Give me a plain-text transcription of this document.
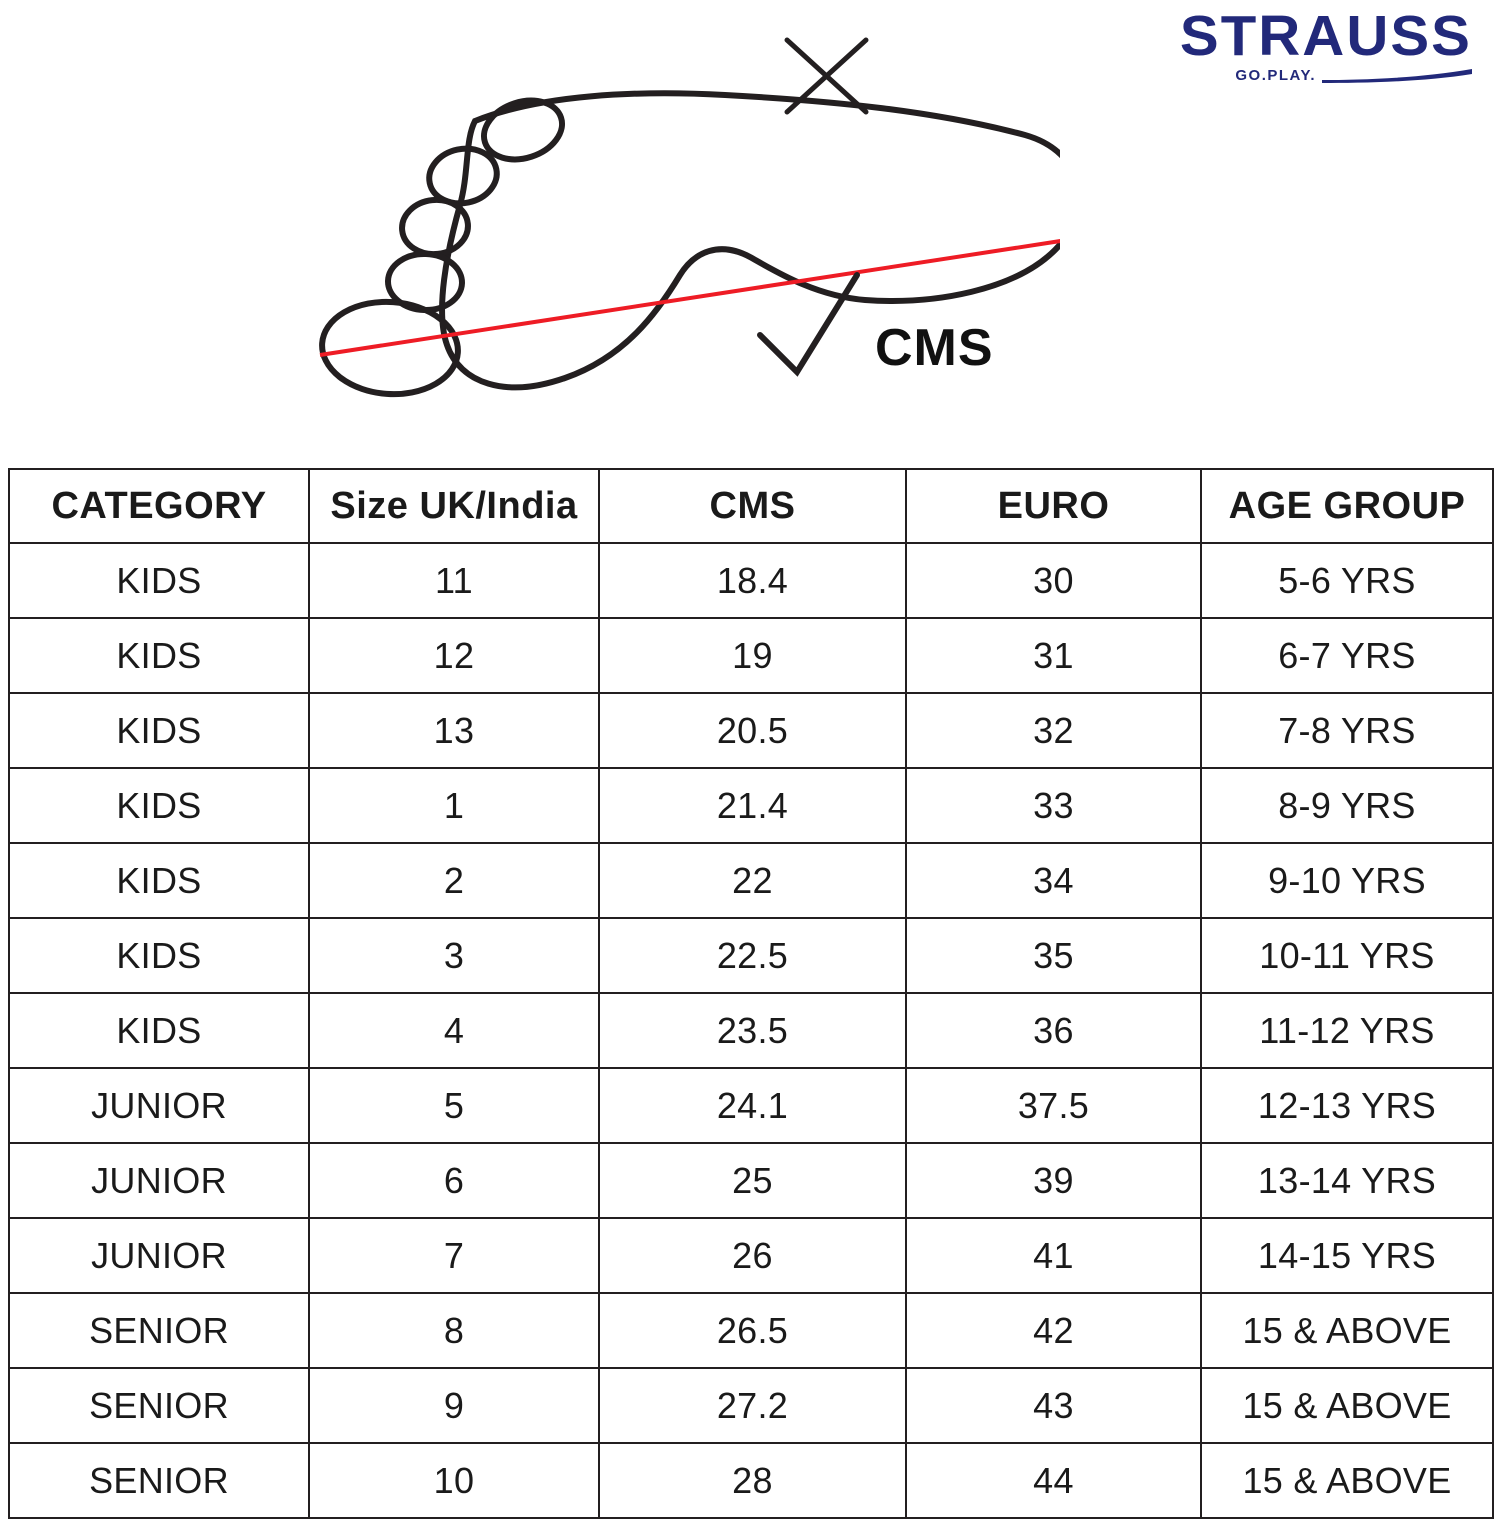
STRAUSS
GO.PLAY.
CMS
CATEGORY	Size UK/India	CMS	EURO	AGE GROUP
KIDS	11	18.4	30	5-6 YRS
KIDS	12	19	31	6-7 YRS
KIDS	13	20.5	32	7-8 YRS
KIDS	1	21.4	33	8-9 YRS
KIDS	2	22	34	9-10 YRS
KIDS	3	22.5	35	10-11 YRS
KIDS	4	23.5	36	11-12 YRS
JUNIOR	5	24.1	37.5	12-13 YRS
JUNIOR	6	25	39	13-14 YRS
JUNIOR	7	26	41	14-15 YRS
SENIOR	8	26.5	42	15 & ABOVE
SENIOR	9	27.2	43	15 & ABOVE
SENIOR	10	28	44	15 & ABOVE
